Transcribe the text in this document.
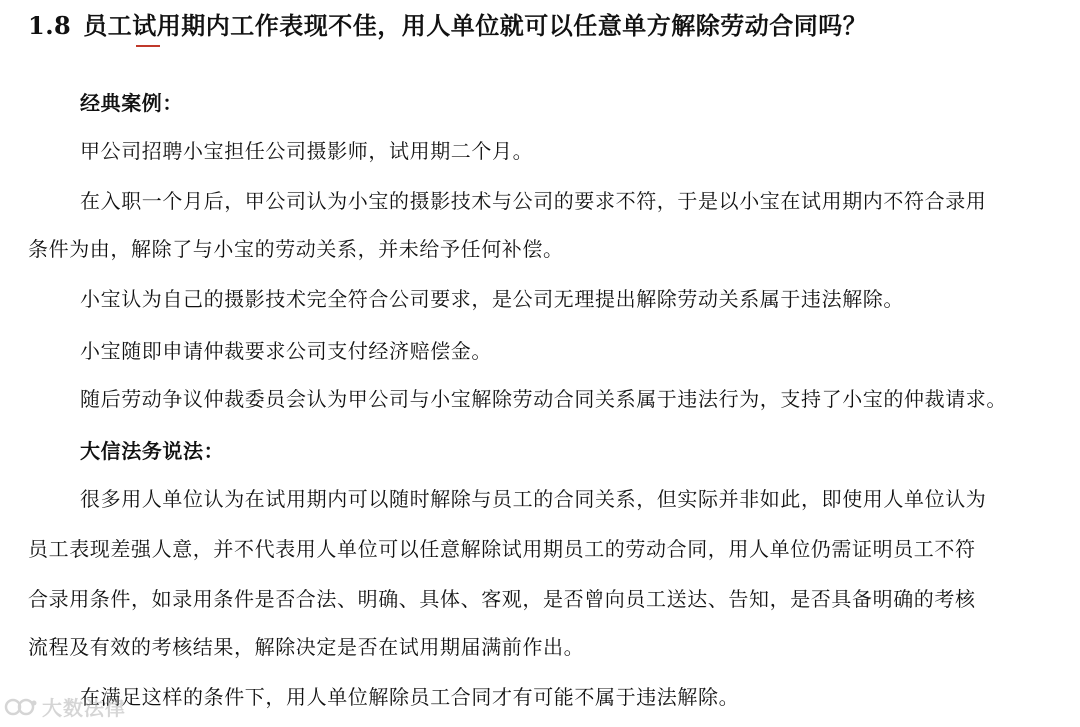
1.8 员工试用期内工作表现不佳，用人单位就可以任意单方解除劳动合同吗？
经典案例：
甲公司招聘小宝担任公司摄影师，试用期二个月。
在入职一个月后，甲公司认为小宝的摄影技术与公司的要求不符，于是以小宝在试用期内不符合录用
条件为由，解除了与小宝的劳动关系，并未给予任何补偿。
小宝认为自己的摄影技术完全符合公司要求，是公司无理提出解除劳动关系属于违法解除。
小宝随即申请仲裁要求公司支付经济赔偿金。
随后劳动争议仲裁委员会认为甲公司与小宝解除劳动合同关系属于违法行为，支持了小宝的仲裁请求。
大信法务说法：
很多用人单位认为在试用期内可以随时解除与员工的合同关系，但实际并非如此，即使用人单位认为
员工表现差强人意，并不代表用人单位可以任意解除试用期员工的劳动合同，用人单位仍需证明员工不符
合录用条件，如录用条件是否合法、明确、具体、客观，是否曾向员工送达、告知，是否具备明确的考核
流程及有效的考核结果，解除决定是否在试用期届满前作出。
在满足这样的条件下，用人单位解除员工合同才有可能不属于违法解除。
大数法律
